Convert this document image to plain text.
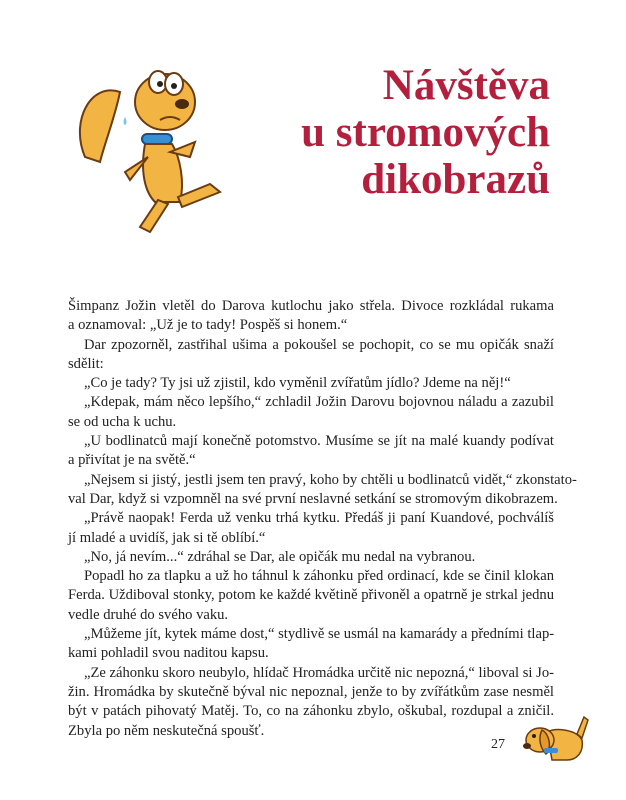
Návštěva
u stromových
dikobrazů
Šimpanz Jožin vletěl do Darova kutlochu jako střela. Divoce rozkládal rukama
a oznamoval: „Už je to tady! Pospěš si honem.“
Dar zpozorněl, zastřihal ušima a pokoušel se pochopit, co se mu opičák snaží
sdělit:
„Co je tady? Ty jsi už zjistil, kdo vyměnil zvířatům jídlo? Jdeme na něj!“
„Kdepak, mám něco lepšího,“ zchladil Jožin Darovu bojovnou náladu a zazubil
se od ucha k uchu.
„U bodlinatců mají konečně potomstvo. Musíme se jít na malé kuandy podívat
a přivítat je na světě.“
„Nejsem si jistý, jestli jsem ten pravý, koho by chtěli u bodlinatců vidět,“ zkonstato-
val Dar, když si vzpomněl na své první neslavné setkání se stromovým dikobrazem.
„Právě naopak! Ferda už venku trhá kytku. Předáš ji paní Kuandové, pochválíš
jí mladé a uvidíš, jak si tě oblíbí.“
„No, já nevím...“ zdráhal se Dar, ale opičák mu nedal na vybranou.
Popadl ho za tlapku a už ho táhnul k záhonku před ordinací, kde se činil klokan
Ferda. Uždiboval stonky, potom ke každé květině přivoněl a opatrně je strkal jednu
vedle druhé do svého vaku.
„Můžeme jít, kytek máme dost,“ stydlivě se usmál na kamarády a předními tlap-
kami pohladil svou naditou kapsu.
„Ze záhonku skoro neubylo, hlídač Hromádka určitě nic nepozná,“ liboval si Jo-
žin. Hromádka by skutečně býval nic nepoznal, jenže to by zvířátkům zase nesměl
být v patách pihovatý Matěj. To, co na záhonku zbylo, oškubal, rozdupal a zničil.
Zbyla po něm neskutečná spoušť.
27
